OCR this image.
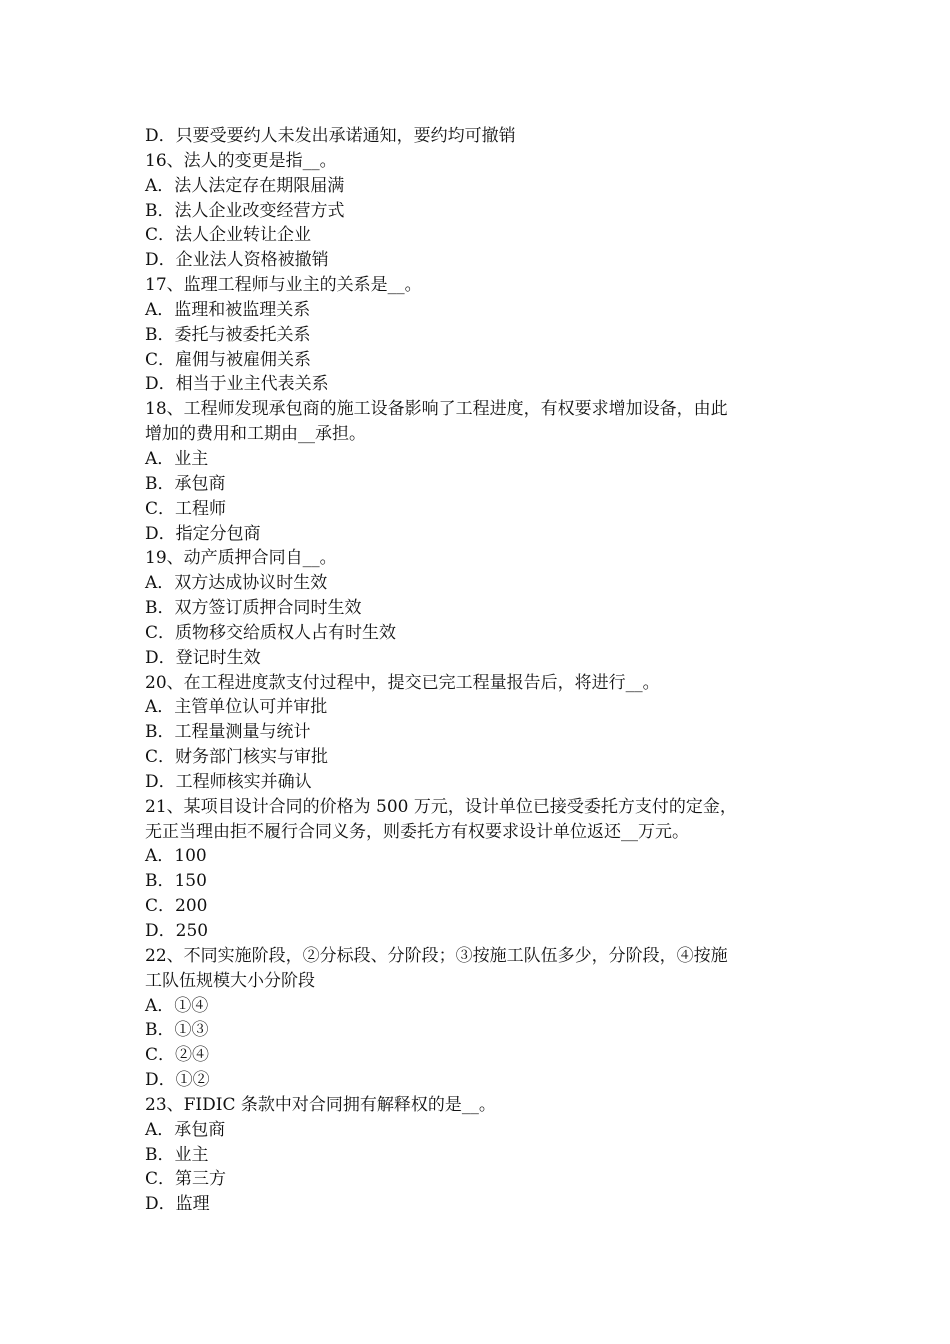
D．只要受要约人未发出承诺通知，要约均可撤销
16、法人的变更是指__。
A．法人法定存在期限届满
B．法人企业改变经营方式
C．法人企业转让企业
D．企业法人资格被撤销
17、监理工程师与业主的关系是__。
A．监理和被监理关系
B．委托与被委托关系
C．雇佣与被雇佣关系
D．相当于业主代表关系
18、工程师发现承包商的施工设备影响了工程进度，有权要求增加设备，由此
增加的费用和工期由__承担。
A．业主
B．承包商
C．工程师
D．指定分包商
19、动产质押合同自__。
A．双方达成协议时生效
B．双方签订质押合同时生效
C．质物移交给质权人占有时生效
D．登记时生效
20、在工程进度款支付过程中，提交已完工程量报告后，将进行__。
A．主管单位认可并审批
B．工程量测量与统计
C．财务部门核实与审批
D．工程师核实并确认
21、某项目设计合同的价格为 500 万元，设计单位已接受委托方支付的定金，
无正当理由拒不履行合同义务，则委托方有权要求设计单位返还__万元。
A．100
B．150
C．200
D．250
22、不同实施阶段，②分标段、分阶段；③按施工队伍多少，分阶段，④按施
工队伍规模大小分阶段
A．①④
B．①③
C．②④
D．①②
23、FIDIC 条款中对合同拥有解释权的是__。
A．承包商
B．业主
C．第三方
D．监理
